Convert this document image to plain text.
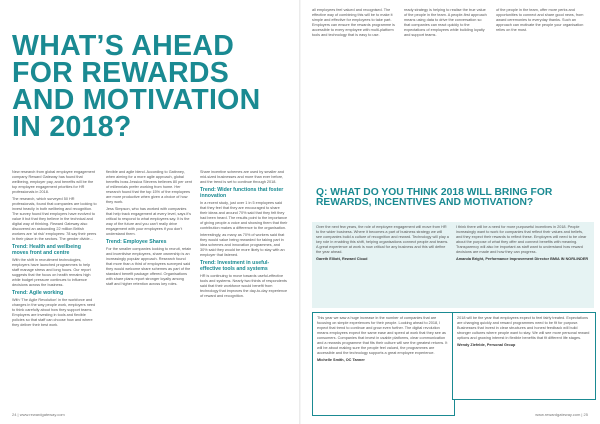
WHAT’S AHEAD
FOR REWARDS
AND MOTIVATION
IN 2018?

New research from global employee engagement company Reward Gateway has found that wellbeing, employer pay, and benefits will be the top employee engagement priorities for HR professionals in 2018.

The research, which surveyed 50 HR professionals, found that companies are looking to invest heavily in both wellbeing and recognition. The survey found that employers have evolved to value it but that they believe in the technical and digital way of thinking. Reward Gateway also discovered an astounding 22 million British workers are ‘at risk’ employees: 78 say their peers in their place in the sectors. The gender divide...

Trend: Health and wellbeing moves front and centre

With the shift in recruitment technologies, employers have launched programmes to help staff manage stress and long hours. Our report suggests that the focus on health remains high while budget pressure continues to influence decisions across the business.

Trend: Agile working

With ‘The Agile Revolution’ in the workforce and changes in the way people work, employers need to think carefully about how they support teams. Employers are investing in tools and flexible policies so that staff can choose how and where they deliver their best work.

flexible and agile blend. According to Gatinney, when aiming for a more agile approach, global benefits boss Jessica Stevens believes 80 per cent of millennials prefer working from home. Her research found that the top 15% of the employees are more productive when given a choice of how they work.

Jess Simpson, who has worked with companies that help track engagement at every level, says it’s critical to respond to what employees say. It is the way of the future and you can’t really drive engagement with your employees if you don’t understand them.

Trend: Employee Shares

For the smaller companies looking to recruit, retain and incentivise employees, share ownership is an increasingly popular approach. Research found that more than a third of employees surveyed said they would welcome share schemes as part of the standard benefit package offered. Organisations with share plans report stronger loyalty among staff and higher retention across key roles.

Share incentive schemes are used by smaller and mid-sized businesses and more than ever before, and the trend is set to continue through 2018.

Trend: Wider functions that foster innovation

In a recent study, just over 1 in 5 employees said that they feel that they are encouraged to share their ideas and around 70% said that they felt they had been heard. The results point to the importance of giving people a voice and showing them that their contribution makes a difference to the organisation.

Interestingly, as many as 70% of workers said that they would value being rewarded for taking part in idea schemes and innovation programmes, and 30% said they would be more likely to stay with an employer that listened.

Trend: Investment in useful-effective tools and systems

HR is continuing to move towards useful-effective tools and systems. Nearly two thirds of respondents said that their workforce would benefit from technology that improves the day-to-day experience of reward and recognition.

24 | www.rewardgateway.com

all employees feel valued and recognised. The effective way of combining this will be to make it simple and effective for employees to take part. Employers can ensure the rewards programme is accessible to every employee with multi-platform tools and technology that is easy to use.

ready strategy is helping to realise the true value of the people in the team. A people-first approach means using data to drive the conversation so that companies can react quickly to the expectations of employees while building loyalty and support teams.

of the people in the team, offer more perks and opportunities to connect and share good news, from award ceremonies to everyday thanks. Such an approach can motivate the people your organisation relies on the most.

Q: WHAT DO YOU THINK 2018 WILL BRING FOR REWARDS, INCENTIVES AND MOTIVATION?

Over the next few years, the role of employee engagement will move from HR to the wider business. Where it becomes a part of business strategy we will see companies build a culture of recognition and reward. Technology will play a key role in enabling this shift, helping organisations connect people and teams. A great experience at work is now critical for any business and this will define the year ahead.

Gareth Elliott, Reward Cloud

I think there will be a need for more purposeful incentives in 2018. People increasingly want to work for companies that reflect their values and beliefs, and they expect their rewards to reflect these. Employers will need to be clear about the purpose of what they offer and connect benefits with meaning. Transparency will also be important as staff want to understand how reward decisions are made and how they can progress.

Amanda Bright, Performance Improvement Director BMIA IN NORLINDER

This year we saw a huge increase in the number of companies that are focusing on simple experiences for their people. Looking ahead to 2018, I expect that trend to continue and grow even further. The digital revolution means employees expect the same ease and speed at work that they see as consumers. Companies that invest in usable platforms, clear communication and a rewards programme that fits their culture will see the greatest returns. It will be about making sure the people feel valued, the programmes are accessible and the technology supports a great employee experience.

Michelle Smith, OC Tanner

2018 will be the year that employees expect to feel fairly treated. Expectations are changing quickly and reward programmes need to be fit for purpose. Businesses that invest in clear structures and honest feedback will build stronger cultures where people want to stay. We will see more personal reward options and growing interest in flexible benefits that fit different life stages.

Wendy Ziefelde, Personal Group

www.rewardgateway.com | 25
